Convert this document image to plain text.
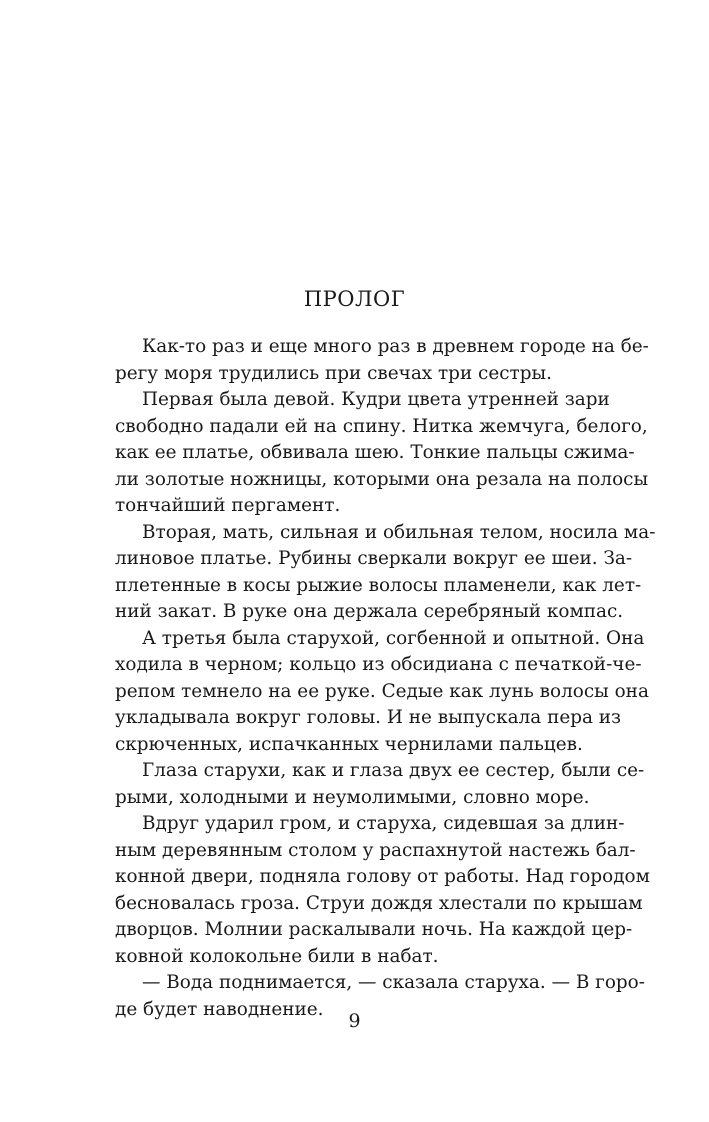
ПРОЛОГ
Как-то раз и еще много раз в древнем городе на бе-
регу моря трудились при свечах три сестры.
Первая была девой. Кудри цвета утренней зари
свободно падали ей на спину. Нитка жемчуга, белого,
как ее платье, обвивала шею. Тонкие пальцы сжима-
ли золотые ножницы, которыми она резала на полосы
тончайший пергамент.
Вторая, мать, сильная и обильная телом, носила ма-
линовое платье. Рубины сверкали вокруг ее шеи. За-
плетенные в косы рыжие волосы пламенели, как лет-
ний закат. В руке она держала серебряный компас.
А третья была старухой, согбенной и опытной. Она
ходила в черном; кольцо из обсидиана с печаткой-че-
репом темнело на ее руке. Седые как лунь волосы она
укладывала вокруг головы. И не выпускала пера из
скрюченных, испачканных чернилами пальцев.
Глаза старухи, как и глаза двух ее сестер, были се-
рыми, холодными и неумолимыми, словно море.
Вдруг ударил гром, и старуха, сидевшая за длин-
ным деревянным столом у распахнутой настежь бал-
конной двери, подняла голову от работы. Над городом
бесновалась гроза. Струи дождя хлестали по крышам
дворцов. Молнии раскалывали ночь. На каждой цер-
ковной колокольне били в набат.
— Вода поднимается, — сказала старуха. — В горо-
де будет наводнение.
9
